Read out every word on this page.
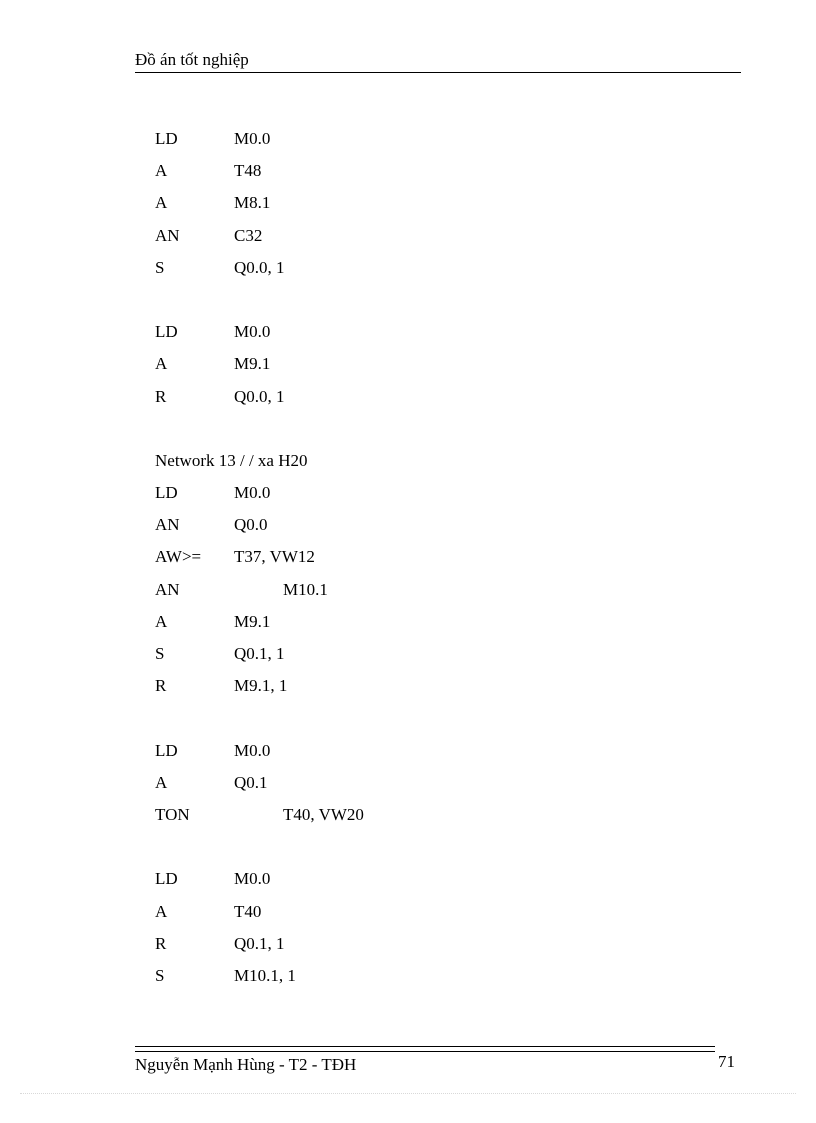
Đồ án tốt nghiệp
LD	M0.0
A	T48
A	M8.1
AN	C32
S	Q0.0, 1
LD	M0.0
A	M9.1
R	Q0.0, 1
Network 13 / / xa H20
LD	M0.0
AN	Q0.0
AW>= T37, VW12
AN	M10.1
A	M9.1
S	Q0.1, 1
R	M9.1, 1
LD	M0.0
A	Q0.1
TON	T40, VW20
LD	M0.0
A	T40
R	Q0.1, 1
S	M10.1, 1
Nguyễn Mạnh Hùng - T2 - TĐH	71
